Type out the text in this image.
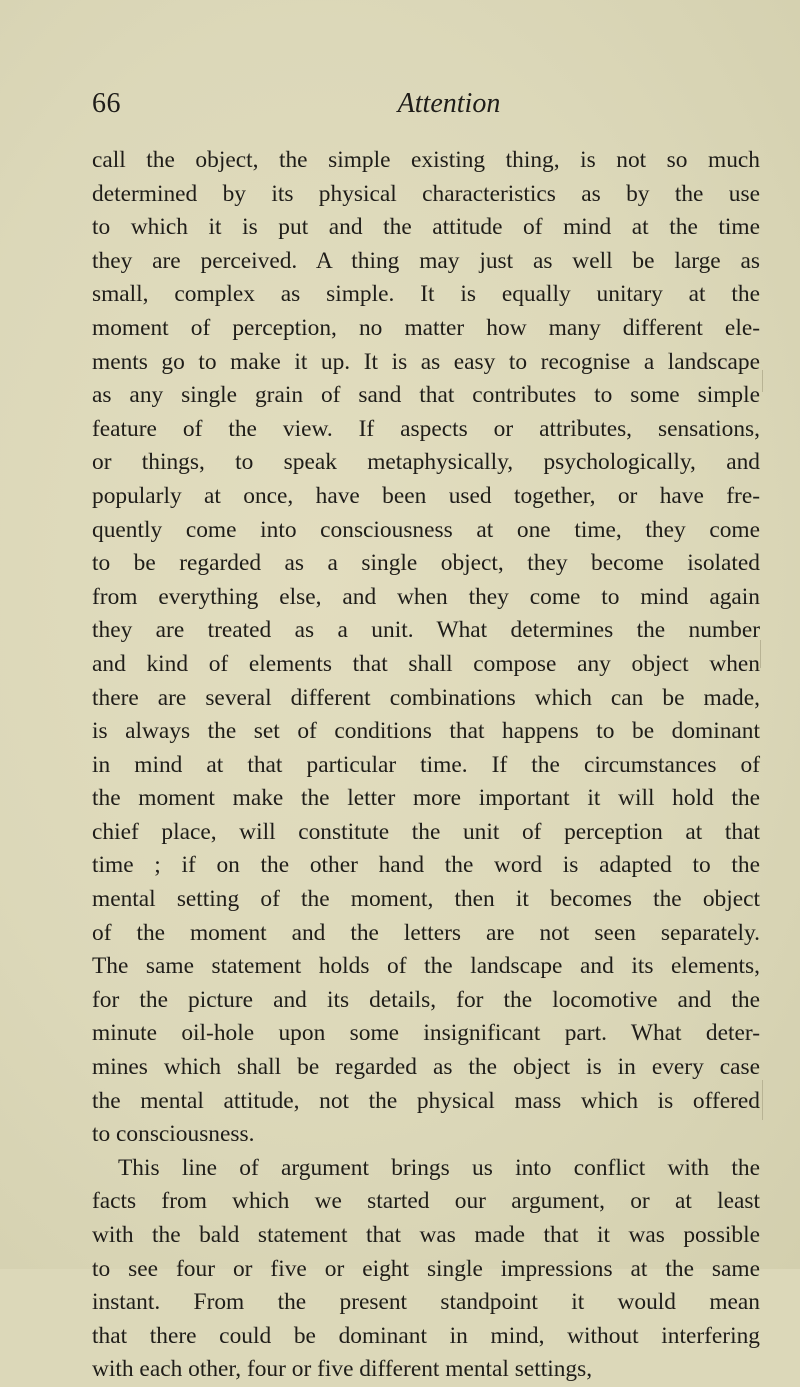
66	Attention
call the object, the simple existing thing, is not so much
determined by its physical characteristics as by the use
to which it is put and the attitude of mind at the time
they are perceived. A thing may just as well be large as
small, complex as simple. It is equally unitary at the
moment of perception, no matter how many different ele-
ments go to make it up. It is as easy to recognise a landscape
as any single grain of sand that contributes to some simple
feature of the view. If aspects or attributes, sensations,
or things, to speak metaphysically, psychologically, and
popularly at once, have been used together, or have fre-
quently come into consciousness at one time, they come
to be regarded as a single object, they become isolated
from everything else, and when they come to mind again
they are treated as a unit. What determines the number
and kind of elements that shall compose any object when
there are several different combinations which can be made,
is always the set of conditions that happens to be dominant
in mind at that particular time. If the circumstances of
the moment make the letter more important it will hold the
chief place, will constitute the unit of perception at that
time ; if on the other hand the word is adapted to the
mental setting of the moment, then it becomes the object
of the moment and the letters are not seen separately.
The same statement holds of the landscape and its elements,
for the picture and its details, for the locomotive and the
minute oil-hole upon some insignificant part. What deter-
mines which shall be regarded as the object is in every case
the mental attitude, not the physical mass which is offered
to consciousness.
This line of argument brings us into conflict with the
facts from which we started our argument, or at least
with the bald statement that was made that it was possible
to see four or five or eight single impressions at the same
instant. From the present standpoint it would mean
that there could be dominant in mind, without interfering
with each other, four or five different mental settings,
